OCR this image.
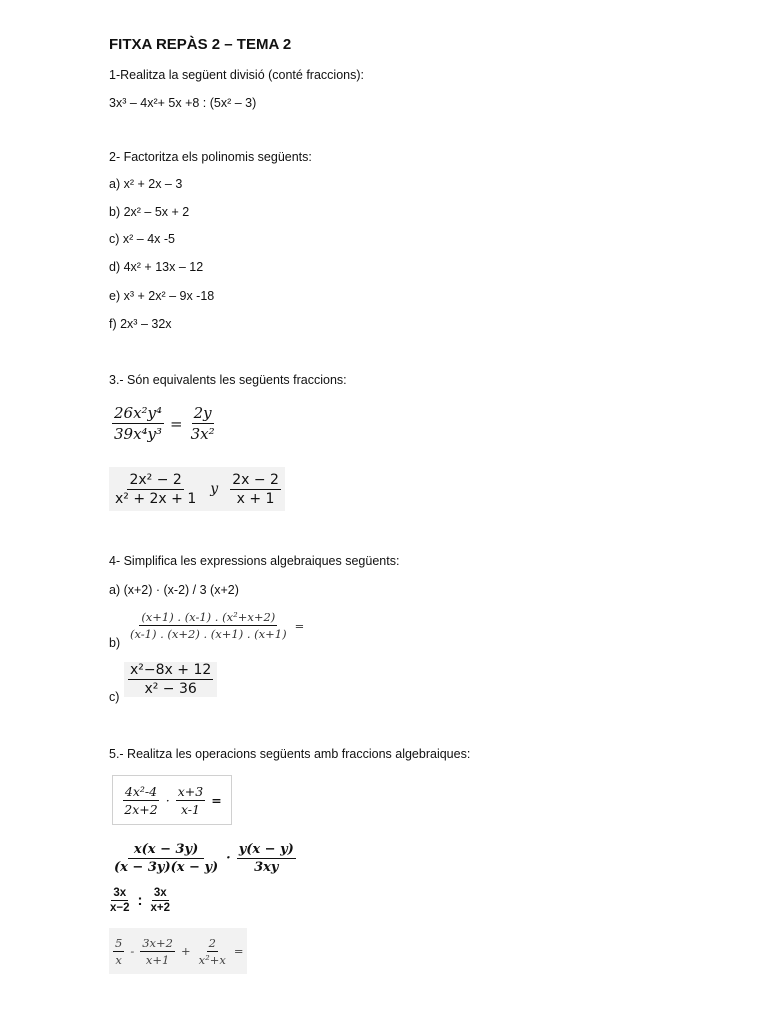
FITXA REPÀS 2 – TEMA 2
1-Realitza la següent divisió (conté fraccions):
3x³ – 4x²+ 5x +8 : (5x² – 3)
2- Factoritza els polinomis següents:
a) x² + 2x – 3
b) 2x² – 5x + 2
c) x² – 4x -5
d) 4x² + 13x – 12
e) x³ + 2x² – 9x -18
f) 2x³ – 32x
3.- Són equivalents les següents fraccions:
$\frac{\text{26x²y⁴}}{\text{39x⁴y³}} = \frac{2y}{\text{3x²}}$
$\frac{\text{2x² − 2}}{\text{x² + 2x + 1}}$ y $\frac{2x - 2}{x + 1}$
4- Simplifica les expressions algebraiques següents:
a) (x+2) · (x-2) / 3 (x+2)
b)
$\frac{\text{(x+1) . (x-1) . (x²+x+2)}}{(x-1) . (x+2) . (x+1) . (x+1)}$ =
$c) \frac{\text{x²−8x + 12}}{\text{x² − 36}}$
5.- Realitza les operacions següents amb fraccions algebraiques:
$\frac{\text{4x²-4}}{2x+2} \cdot \frac{x+3}{x-1}$ =
$\frac{x(x - 3y)}{(x - 3y)(x - y)} \cdot \frac{y(x - y)}{3xy}$
$\frac{3x}{x-2}$ : $\frac{3x}{x+2}$
$\frac{5}{x} - \frac{3x+2}{x+1} + \frac{2}{\text{x²+x}}$ =
